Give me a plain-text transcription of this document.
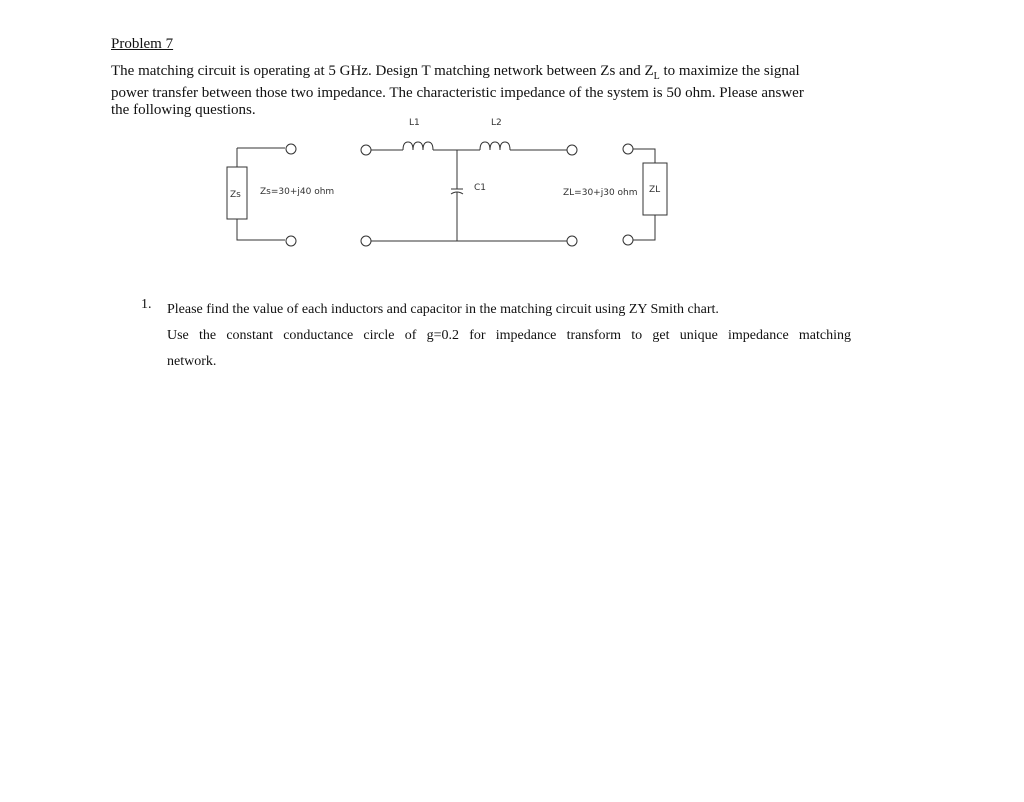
Problem 7

The matching circuit is operating at 5 GHz. Design T matching network between Zs and $Z_L$ to maximize the signal

power transfer between those two impedance. The characteristic impedance of the system is 50 ohm. Please answer

the following questions.

Zs Zs=30+j40 ohm
L1	L2
C1	ZL=30+j30 ohm ZL
1. Please find the value of each inductors and capacitor in the matching circuit using ZY Smith chart.
Use the constant conductance circle of g=0.2 for impedance transform to get unique impedance matching
network.
